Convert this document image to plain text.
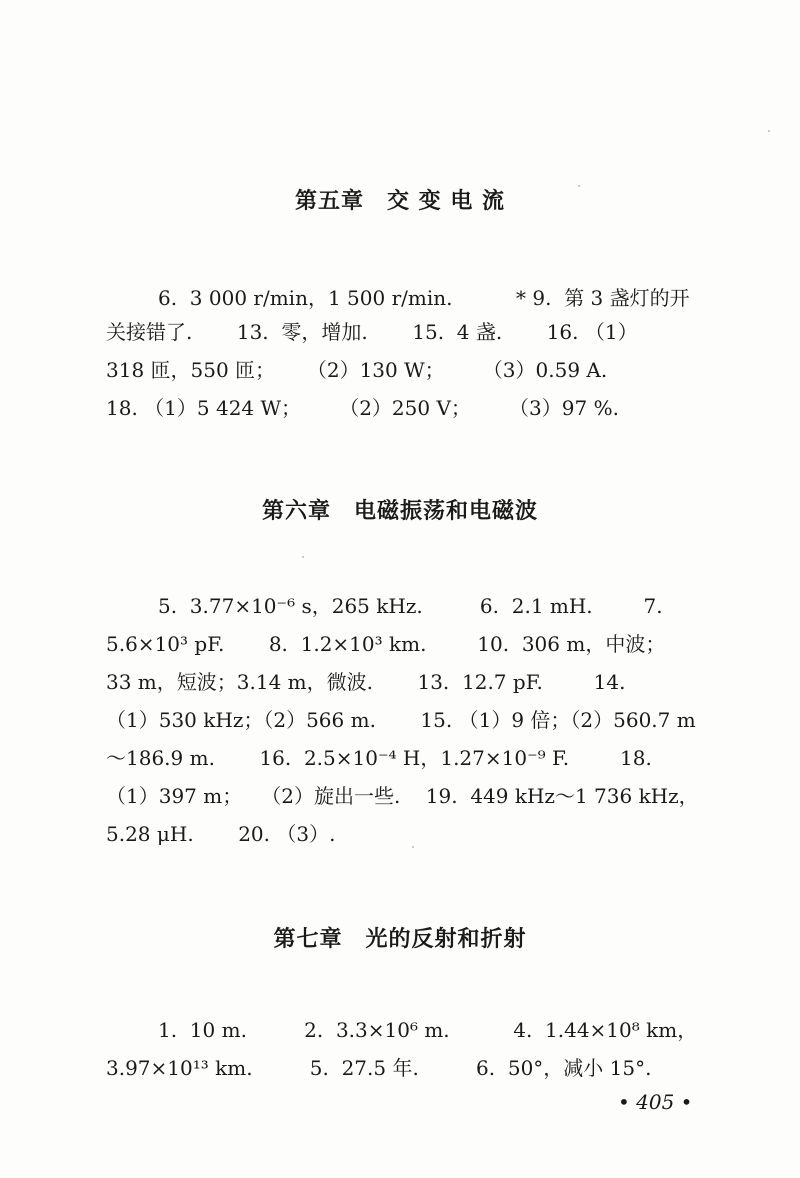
第五章　交 变 电 流
6.  3 000 r/min，1 500 r/min.          * 9.  第 3 盏灯的开
关接错了.       13.  零，增加.       15.  4 盏.       16. （1）
318 匝，550 匝；     （2）130 W；      （3）0.59 A.
18. （1）5 424 W；      （2）250 V；      （3）97 %.
第六章　电磁振荡和电磁波
5.  3.77×10⁻⁶ s，265 kHz.         6.  2.1 mH.        7.
5.6×10³ pF.       8.  1.2×10³ km.        10.  306 m，中波；
33 m，短波；3.14 m，微波.       13.  12.7 pF.        14.
（1）530 kHz；（2）566 m.       15. （1）9 倍；（2）560.7 m
～186.9 m.       16.  2.5×10⁻⁴ H，1.27×10⁻⁹ F.        18.
（1）397 m；   （2）旋出一些.    19.  449 kHz～1 736 kHz，
5.28 μH.       20. （3）.
第七章　光的反射和折射
1.  10 m.         2.  3.3×10⁶ m.          4.  1.44×10⁸ km，
3.97×10¹³ km.         5.  27.5 年.         6.  50°，减小 15°.
• 405 •
